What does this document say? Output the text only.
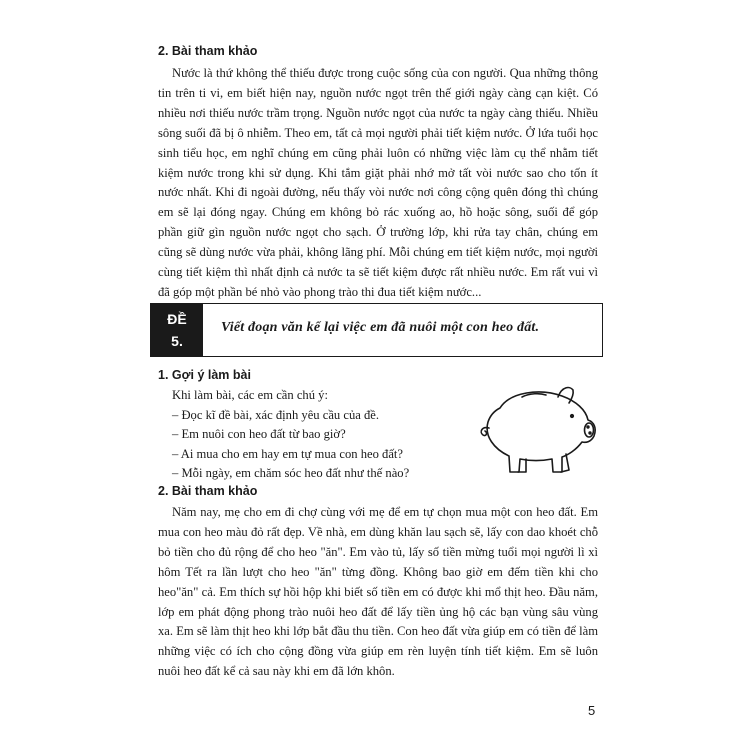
2. Bài tham khảo

Nước là thứ không thể thiếu được trong cuộc sống của con người. Qua những thông tin trên ti vi, em biết hiện nay, nguồn nước ngọt trên thế giới ngày càng cạn kiệt. Có nhiều nơi thiếu nước trầm trọng. Nguồn nước ngọt của nước ta ngày càng thiếu. Nhiều sông suối đã bị ô nhiễm. Theo em, tất cả mọi người phải tiết kiệm nước. Ở lứa tuổi học sinh tiểu học, em nghĩ chúng em cũng phải luôn có những việc làm cụ thể nhằm tiết kiệm nước trong khi sử dụng. Khi tắm giặt phải nhớ mở tất vòi nước sao cho tốn ít nước nhất. Khi đi ngoài đường, nếu thấy vòi nước nơi công cộng quên đóng thì chúng em sẽ lại đóng ngay. Chúng em không bỏ rác xuống ao, hồ hoặc sông, suối để góp phần giữ gìn nguồn nước ngọt cho sạch. Ở trường lớp, khi rửa tay chân, chúng em cũng sẽ dùng nước vừa phải, không lãng phí. Mỗi chúng em tiết kiệm nước, mọi người cùng tiết kiệm thì nhất định cả nước ta sẽ tiết kiệm được rất nhiều nước. Em rất vui vì đã góp một phần bé nhỏ vào phong trào thi đua tiết kiệm nước...

ĐỀ
5.
Viết đoạn văn kể lại việc em đã nuôi một con heo đất.
1. Gợi ý làm bài
Khi làm bài, các em cần chú ý:
– Đọc kĩ đề bài, xác định yêu cầu của đề.
– Em nuôi con heo đất từ bao giờ?
– Ai mua cho em hay em tự mua con heo đất?
– Mỗi ngày, em chăm sóc heo đất như thế nào?
2. Bài tham khảo

Năm nay, mẹ cho em đi chợ cùng với mẹ để em tự chọn mua một con heo đất. Em mua con heo màu đỏ rất đẹp. Về nhà, em dùng khăn lau sạch sẽ, lấy con dao khoét chỗ bỏ tiền cho đủ rộng để cho heo "ăn". Em vào tủ, lấy số tiền mừng tuổi mọi người lì xì hôm Tết ra lần lượt cho heo "ăn" từng đồng. Không bao giờ em đếm tiền khi cho heo"ăn" cả. Em thích sự hồi hộp khi biết số tiền em có được khi mổ thịt heo. Đầu năm, lớp em phát động phong trào nuôi heo đất để lấy tiền ủng hộ các bạn vùng sâu vùng xa. Em sẽ làm thịt heo khi lớp bắt đầu thu tiền. Con heo đất vừa giúp em có tiền để làm những việc có ích cho cộng đồng vừa giúp em rèn luyện tính tiết kiệm. Em sẽ luôn nuôi heo đất kể cả sau này khi em đã lớn khôn.

5
